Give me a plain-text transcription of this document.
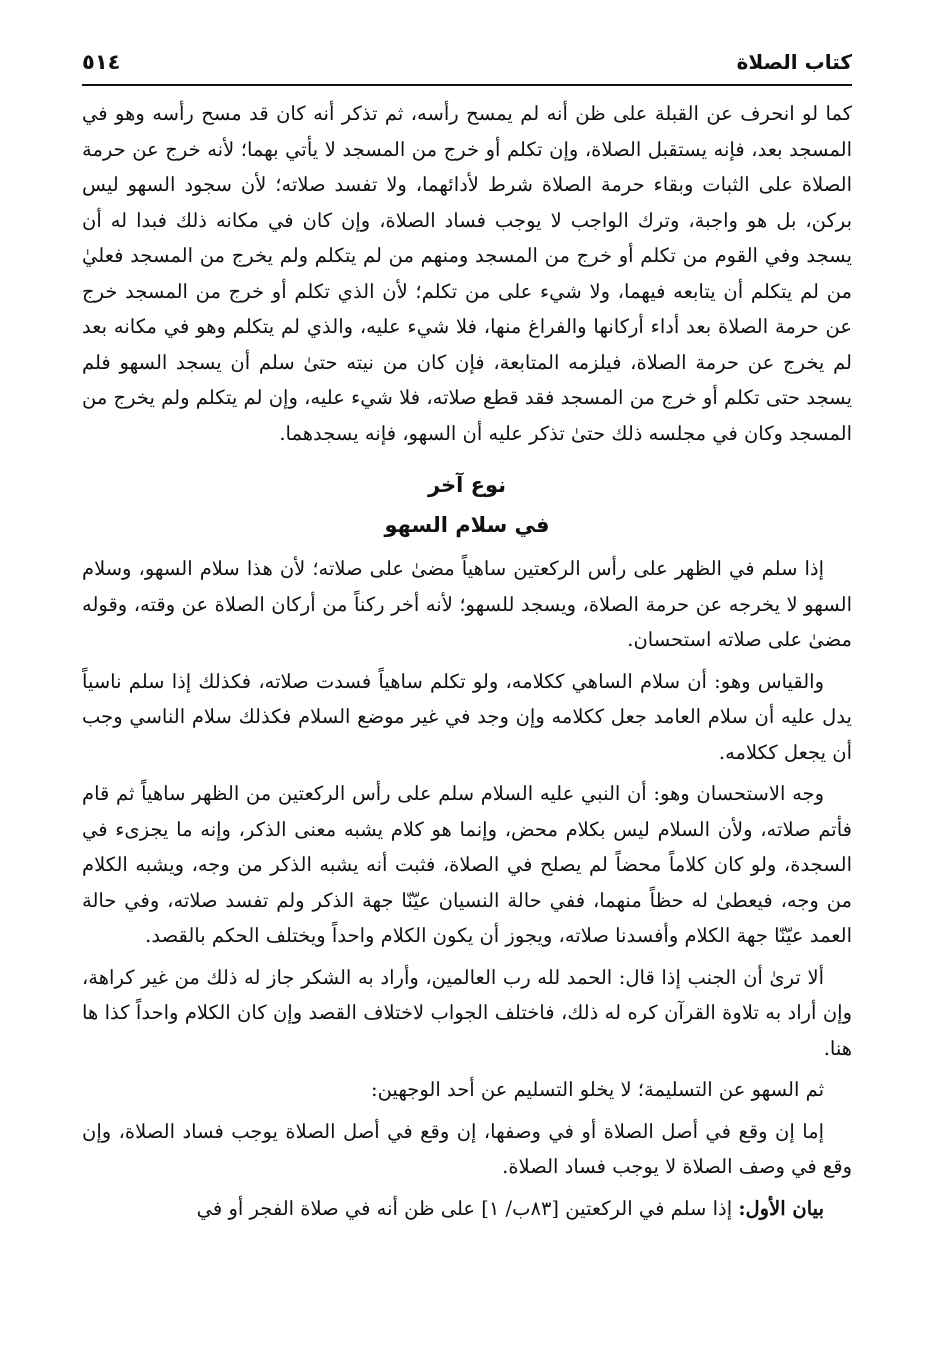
كتاب الصلاة
٥١٤

كما لو انحرف عن القبلة على ظن أنه لم يمسح رأسه، ثم تذكر أنه كان قد مسح رأسه وهو في المسجد بعد، فإنه يستقبل الصلاة، وإن تكلم أو خرج من المسجد لا يأتي بهما؛ لأنه خرج عن حرمة الصلاة على الثبات وبقاء حرمة الصلاة شرط لأدائهما، ولا تفسد صلاته؛ لأن سجود السهو ليس بركن، بل هو واجبة، وترك الواجب لا يوجب فساد الصلاة، وإن كان في مكانه ذلك فبدا له أن يسجد وفي القوم من تكلم أو خرج من المسجد ومنهم من لم يتكلم ولم يخرج من المسجد فعليٰ من لم يتكلم أن يتابعه فيهما، ولا شيء على من تكلم؛ لأن الذي تكلم أو خرج من المسجد خرج عن حرمة الصلاة بعد أداء أركانها والفراغ منها، فلا شيء عليه، والذي لم يتكلم وهو في مكانه بعد لم يخرج عن حرمة الصلاة، فيلزمه المتابعة، فإن كان من نيته حتىٰ سلم أن يسجد السهو فلم يسجد حتى تكلم أو خرج من المسجد فقد قطع صلاته، فلا شيء عليه، وإن لم يتكلم ولم يخرج من المسجد وكان في مجلسه ذلك حتىٰ تذكر عليه أن السهو، فإنه يسجدهما.

نوع آخر
في سلام السهو

إذا سلم في الظهر على رأس الركعتين ساهياً مضىٰ على صلاته؛ لأن هذا سلام السهو، وسلام السهو لا يخرجه عن حرمة الصلاة، ويسجد للسهو؛ لأنه أخر ركناً من أركان الصلاة عن وقته، وقوله مضىٰ على صلاته استحسان.

والقياس وهو: أن سلام الساهي ككلامه، ولو تكلم ساهياً فسدت صلاته، فكذلك إذا سلم ناسياً يدل عليه أن سلام العامد جعل ككلامه وإن وجد في غير موضع السلام فكذلك سلام الناسي وجب أن يجعل ككلامه.

وجه الاستحسان وهو: أن النبي عليه السلام سلم على رأس الركعتين من الظهر ساهياً ثم قام فأتم صلاته، ولأن السلام ليس بكلام محض، وإنما هو كلام يشبه معنى الذكر، وإنه ما يجزىء في السجدة، ولو كان كلاماً محضاً لم يصلح في الصلاة، فثبت أنه يشبه الذكر من وجه، ويشبه الكلام من وجه، فيعطىٰ له حظاً منهما، ففي حالة النسيان عيّنّا جهة الذكر ولم تفسد صلاته، وفي حالة العمد عيّنّا جهة الكلام وأفسدنا صلاته، ويجوز أن يكون الكلام واحداً ويختلف الحكم بالقصد.

ألا ترىٰ أن الجنب إذا قال: الحمد لله رب العالمين، وأراد به الشكر جاز له ذلك من غير كراهة، وإن أراد به تلاوة القرآن كره له ذلك، فاختلف الجواب لاختلاف القصد وإن كان الكلام واحداً كذا ها هنا.

ثم السهو عن التسليمة؛ لا يخلو التسليم عن أحد الوجهين:

إما إن وقع في أصل الصلاة أو في وصفها، إن وقع في أصل الصلاة يوجب فساد الصلاة، وإن وقع في وصف الصلاة لا يوجب فساد الصلاة.

بيان الأول: إذا سلم في الركعتين [٨٣ب/ ١] على ظن أنه في صلاة الفجر أو في
